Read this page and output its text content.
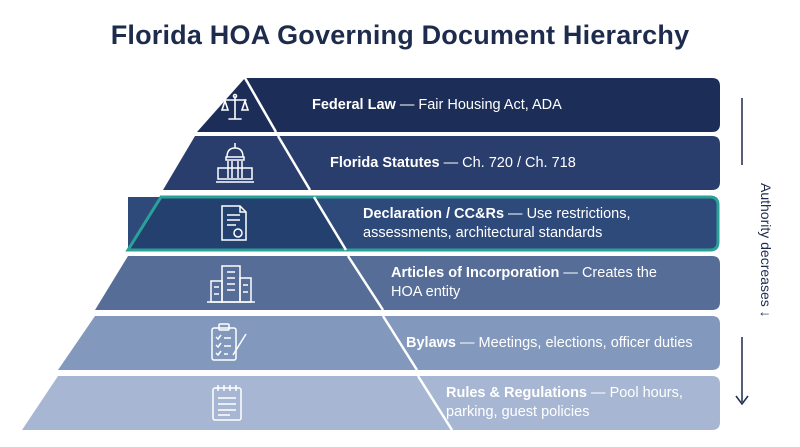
Florida HOA Governing Document Hierarchy
Federal Law — Fair Housing Act, ADA
Florida Statutes — Ch. 720 / Ch. 718
Declaration / CC&Rs — Use restrictions, assessments, architectural standards
Articles of Incorporation — Creates the HOA entity
Bylaws — Meetings, elections, officer duties
Rules & Regulations — Pool hours, parking, guest policies
Authority decreases ↓
